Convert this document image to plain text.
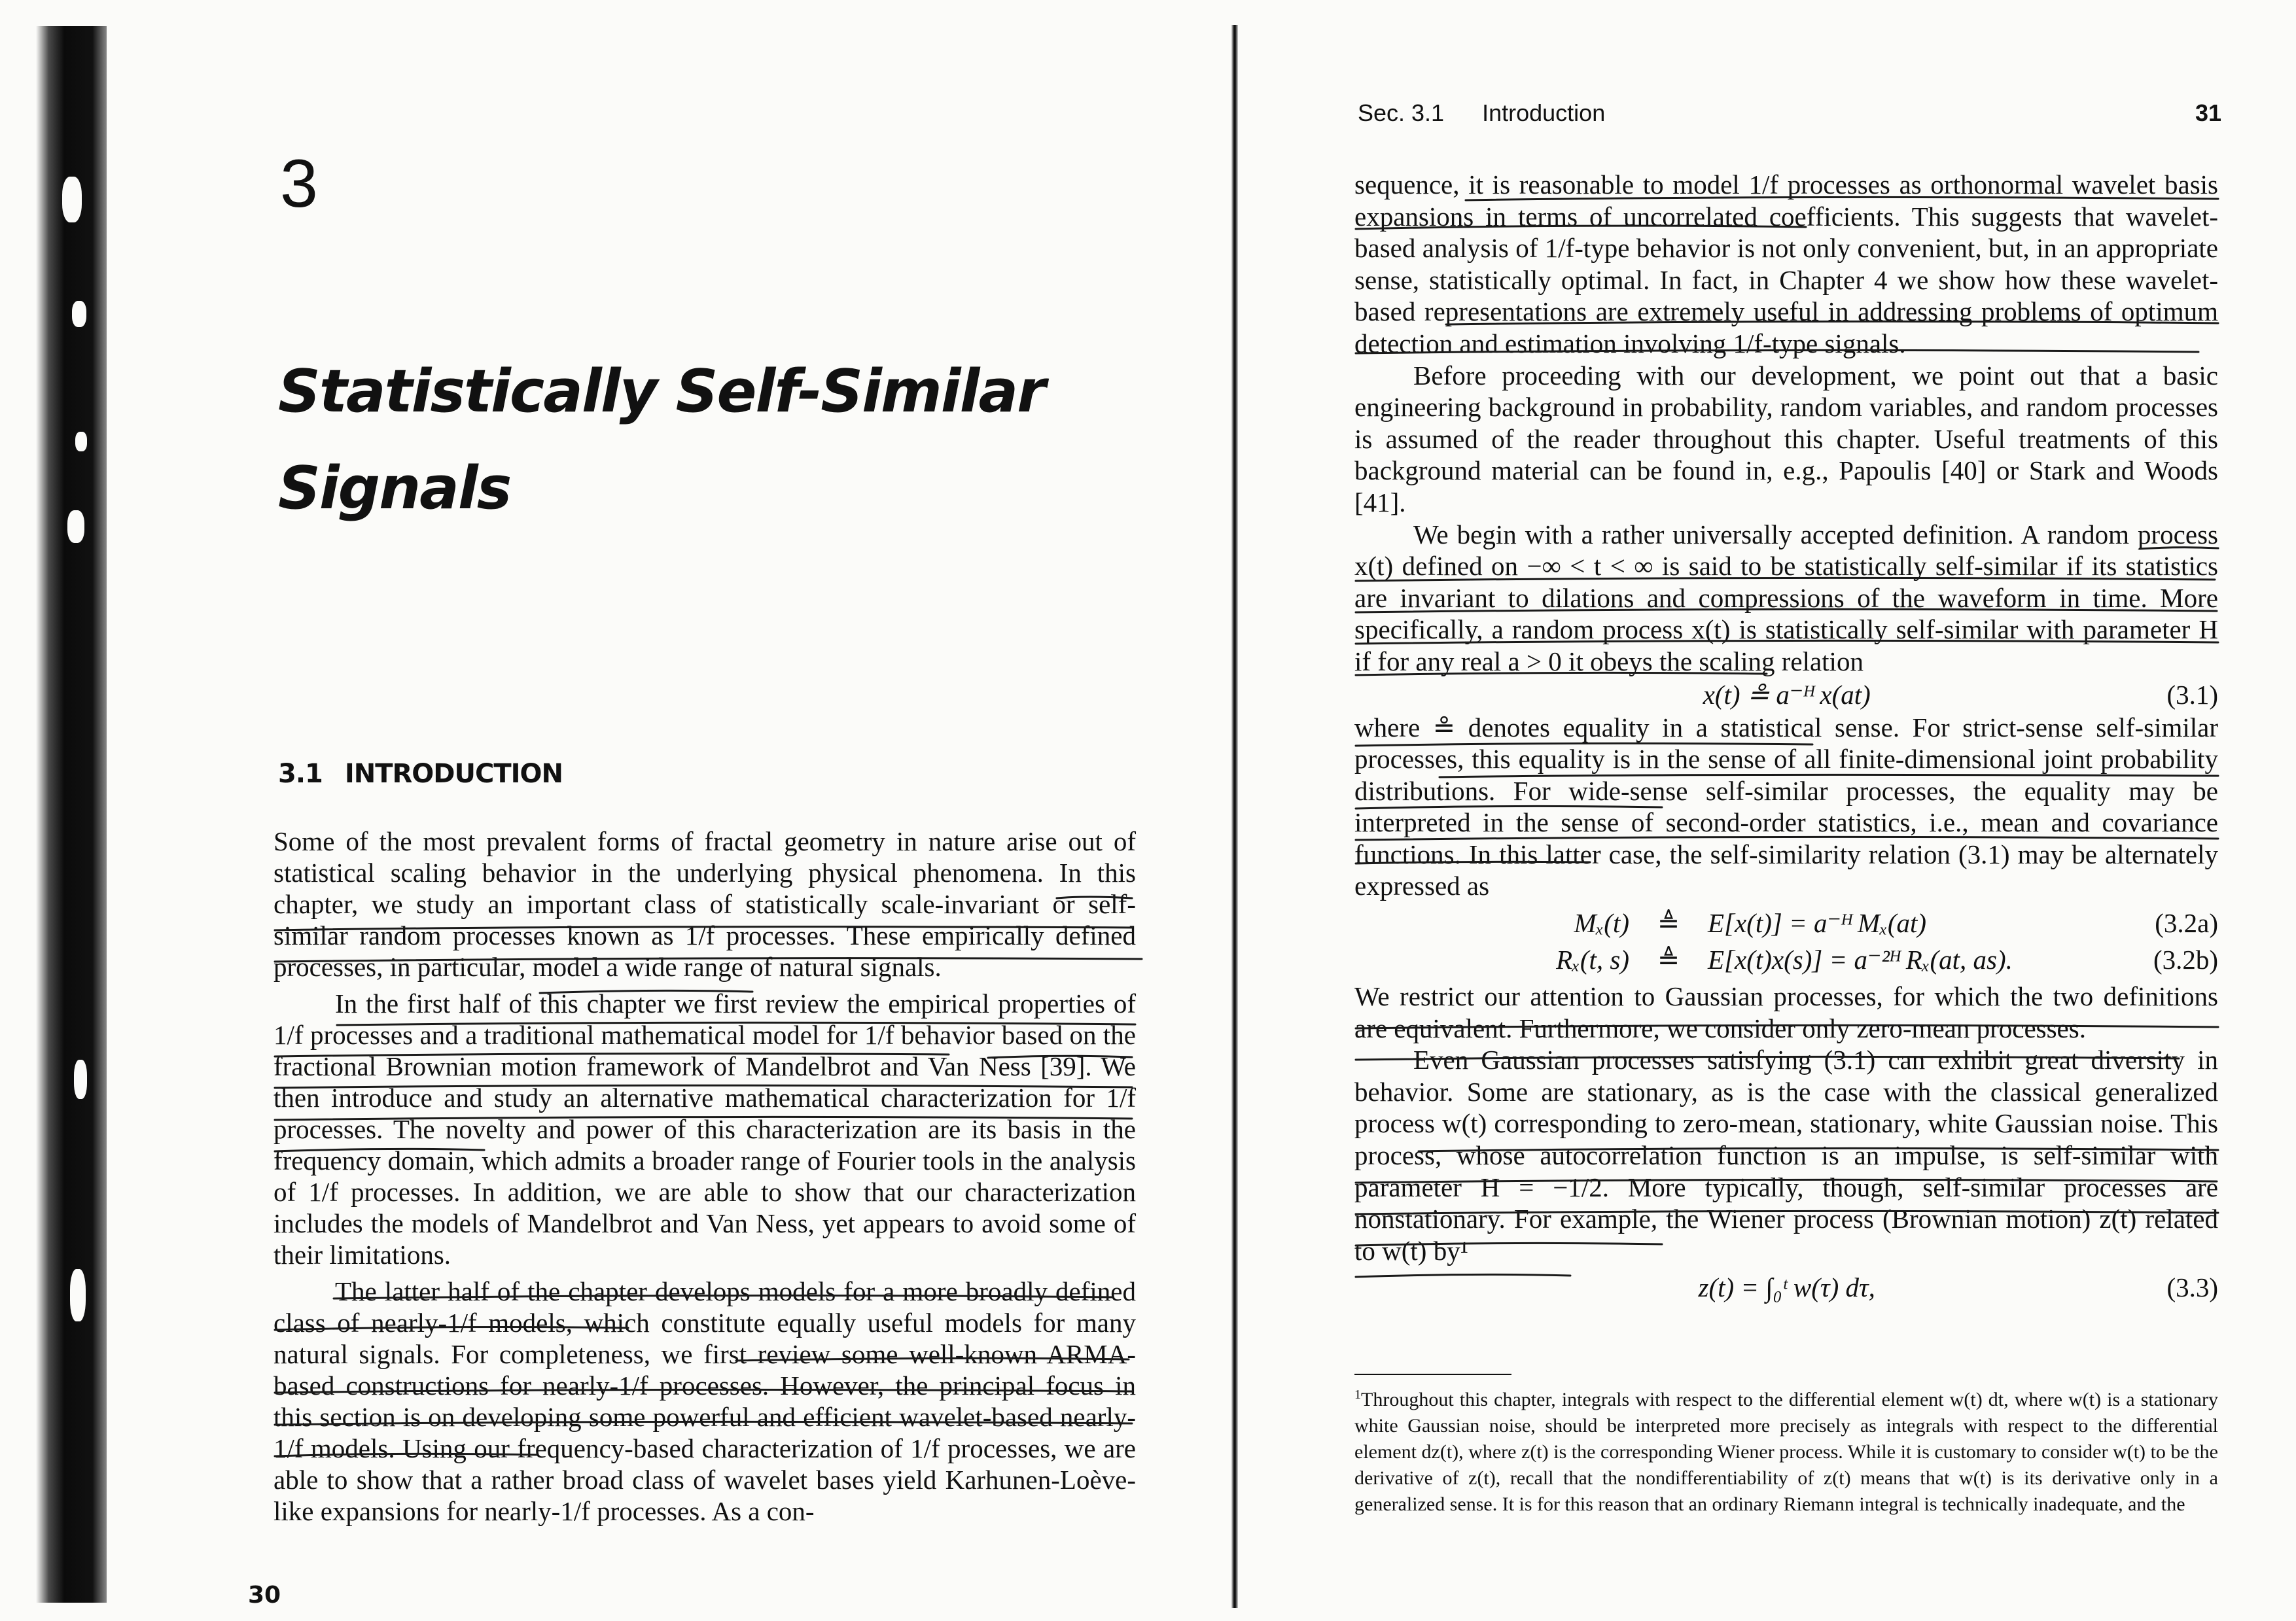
3
Statistically Self-Similar
Signals
3.1 INTRODUCTION

Some of the most prevalent forms of fractal geometry in nature arise out of statistical scaling behavior in the underlying physical phenomena. In this chapter, we study an important class of statistically scale-invariant or self-similar random processes known as 1/f processes. These empirically defined processes, in particular, model a wide range of natural signals.

In the first half of this chapter we first review the empirical properties of 1/f processes and a traditional mathematical model for 1/f behavior based on the fractional Brownian motion framework of Mandelbrot and Van Ness [39]. We then introduce and study an alternative mathematical characterization for 1/f processes. The novelty and power of this characterization are its basis in the frequency domain, which admits a broader range of Fourier tools in the analysis of 1/f processes. In addition, we are able to show that our characterization includes the models of Mandelbrot and Van Ness, yet appears to avoid some of their limitations.

The latter half of the chapter develops models for a more broadly defined class of nearly-1/f models, which constitute equally useful models for many natural signals. For completeness, we first review some well-known ARMA-based constructions for nearly-1/f processes. However, the principal focus in this section is on developing some powerful and efficient wavelet-based nearly-1/f models. Using our frequency-based characterization of 1/f processes, we are able to show that a rather broad class of wavelet bases yield Karhunen-Loève-like expansions for nearly-1/f processes. As a con-

30
Sec. 3.1 Introduction	31

sequence, it is reasonable to model 1/f processes as orthonormal wavelet basis expansions in terms of uncorrelated coefficients. This suggests that wavelet-based analysis of 1/f-type behavior is not only convenient, but, in an appropriate sense, statistically optimal. In fact, in Chapter 4 we show how these wavelet-based representations are extremely useful in addressing problems of optimum detection and estimation involving 1/f-type signals.

Before proceeding with our development, we point out that a basic engineering background in probability, random variables, and random processes is assumed of the reader throughout this chapter. Useful treatments of this background material can be found in, e.g., Papoulis [40] or Stark and Woods [41].

We begin with a rather universally accepted definition. A random process x(t) defined on −∞ < t < ∞ is said to be statistically self-similar if its statistics are invariant to dilations and compressions of the waveform in time. More specifically, a random process x(t) is statistically self-similar with parameter H if for any real a > 0 it obeys the scaling relation

x(t) ≗ a⁻ᴴ x(at)	(3.1)

where ≗ denotes equality in a statistical sense. For strict-sense self-similar processes, this equality is in the sense of all finite-dimensional joint probability distributions. For wide-sense self-similar processes, the equality may be interpreted in the sense of second-order statistics, i.e., mean and covariance functions. In this latter case, the self-similarity relation (3.1) may be alternately expressed as

Mₓ(t)	≜	E[x(t)] = a⁻ᴴ Mₓ(at)	(3.2a)
Rₓ(t, s)	≜	E[x(t)x(s)] = a⁻²ᴴ Rₓ(at, as).	(3.2b)

We restrict our attention to Gaussian processes, for which the two definitions are equivalent. Furthermore, we consider only zero-mean processes.

Even Gaussian processes satisfying (3.1) can exhibit great diversity in behavior. Some are stationary, as is the case with the classical generalized process w(t) corresponding to zero-mean, stationary, white Gaussian noise. This process, whose autocorrelation function is an impulse, is self-similar with parameter H = −1/2. More typically, though, self-similar processes are nonstationary. For example, the Wiener process (Brownian motion) z(t) related to w(t) by¹

z(t) = ∫₀ᵗ w(τ) dτ,	(3.3)
$^1$Throughout this chapter, integrals with respect to the differential element w(t) dt, where w(t) is a stationary white Gaussian noise, should be interpreted more precisely as integrals with respect to the differential element dz(t), where z(t) is the corresponding Wiener process. While it is customary to consider w(t) to be the derivative of z(t), recall that the nondifferentiability of z(t) means that w(t) is its derivative only in a generalized sense. It is for this reason that an ordinary Riemann integral is technically inadequate, and the
